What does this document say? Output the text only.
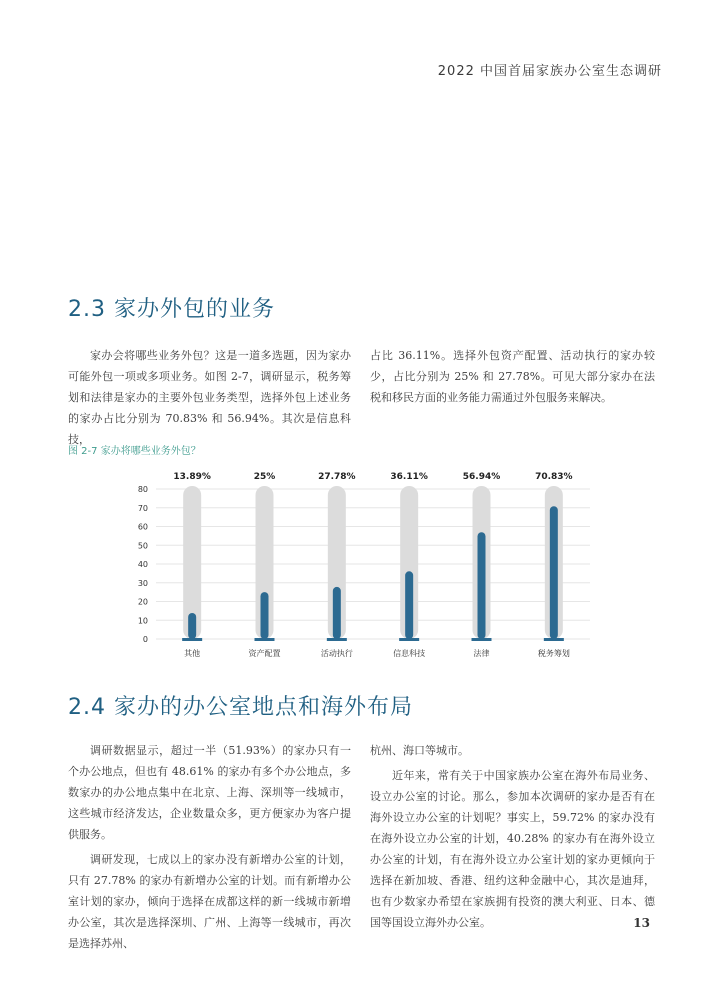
2022 中国首届家族办公室生态调研
2.3 家办外包的业务

家办会将哪些业务外包？这是一道多选题，因为家办可能外包一项或多项业务。如图 2-7，调研显示，税务筹划和法律是家办的主要外包业务类型，选择外包上述业务的家办占比分别为 70.83% 和 56.94%。其次是信息科技，

占比 36.11%。选择外包资产配置、活动执行的家办较少，占比分别为 25% 和 27.78%。可见大部分家办在法税和移民方面的业务能力需通过外包服务来解决。

图 2-7 家办将哪些业务外包？
0
10
20
30
40
50
60
70
80
13.89%	25%	27.78%	36.11%	56.94%	70.83%
其他	资产配置	活动执行	信息科技	法律	税务筹划
2.4 家办的办公室地点和海外布局

调研数据显示，超过一半（51.93%）的家办只有一个办公地点，但也有 48.61% 的家办有多个办公地点，多数家办的办公地点集中在北京、上海、深圳等一线城市，这些城市经济发达，企业数量众多，更方便家办为客户提供服务。

调研发现，七成以上的家办没有新增办公室的计划，只有 27.78% 的家办有新增办公室的计划。而有新增办公室计划的家办，倾向于选择在成都这样的新一线城市新增办公室，其次是选择深圳、广州、上海等一线城市，再次是选择苏州、

杭州、海口等城市。

近年来，常有关于中国家族办公室在海外布局业务、设立办公室的讨论。那么，参加本次调研的家办是否有在海外设立办公室的计划呢？事实上，59.72% 的家办没有在海外设立办公室的计划，40.28% 的家办有在海外设立办公室的计划，有在海外设立办公室计划的家办更倾向于选择在新加坡、香港、纽约这种金融中心，其次是迪拜，也有少数家办希望在家族拥有投资的澳大利亚、日本、德国等国设立海外办公室。	13
